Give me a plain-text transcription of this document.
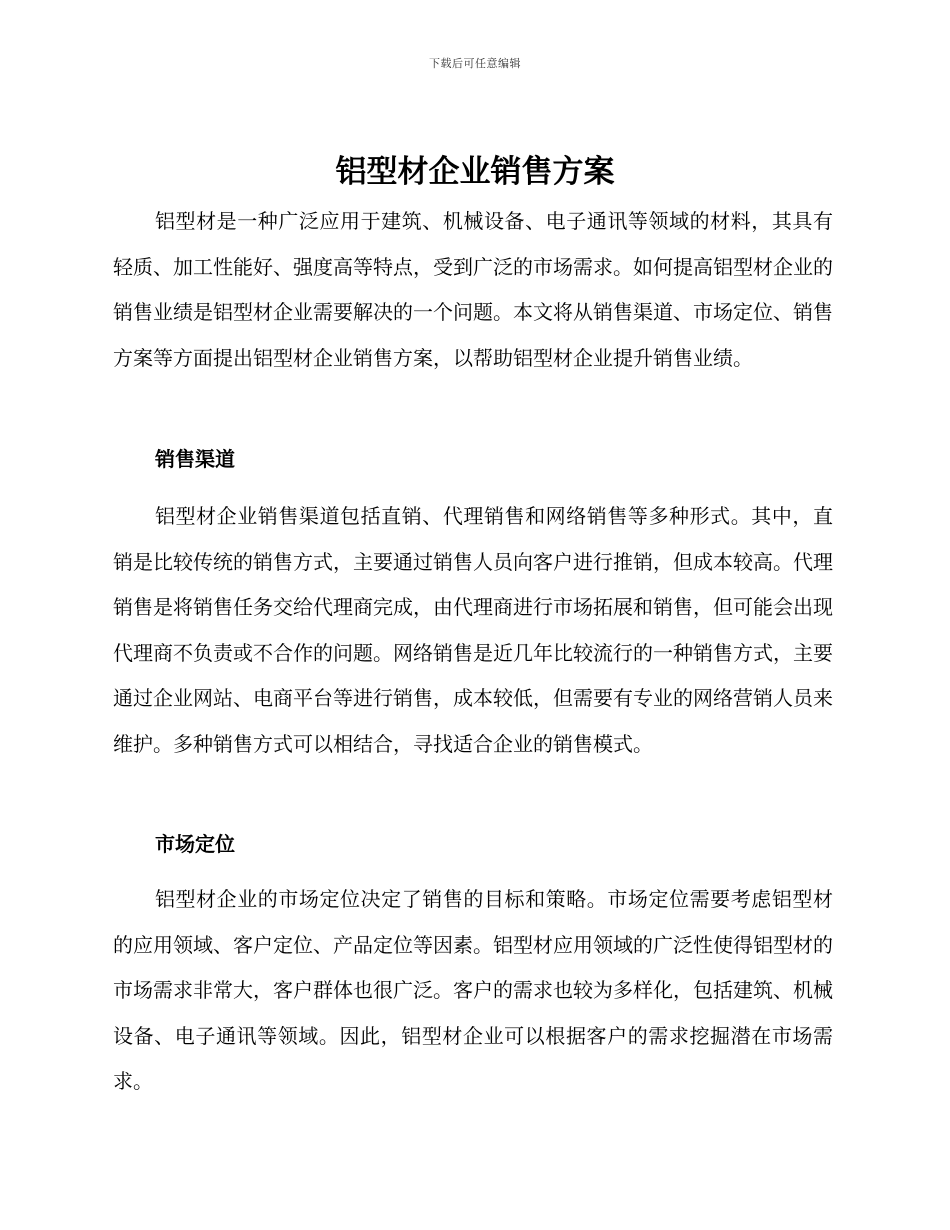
下载后可任意编辑
铝型材企业销售方案

铝型材是一种广泛应用于建筑、机械设备、电子通讯等领域的材料，其具有轻质、加工性能好、强度高等特点，受到广泛的市场需求。如何提高铝型材企业的销售业绩是铝型材企业需要解决的一个问题。本文将从销售渠道、市场定位、销售方案等方面提出铝型材企业销售方案，以帮助铝型材企业提升销售业绩。

销售渠道

铝型材企业销售渠道包括直销、代理销售和网络销售等多种形式。其中，直销是比较传统的销售方式，主要通过销售人员向客户进行推销，但成本较高。代理销售是将销售任务交给代理商完成，由代理商进行市场拓展和销售，但可能会出现代理商不负责或不合作的问题。网络销售是近几年比较流行的一种销售方式，主要通过企业网站、电商平台等进行销售，成本较低，但需要有专业的网络营销人员来维护。多种销售方式可以相结合，寻找适合企业的销售模式。

市场定位

铝型材企业的市场定位决定了销售的目标和策略。市场定位需要考虑铝型材的应用领域、客户定位、产品定位等因素。铝型材应用领域的广泛性使得铝型材的市场需求非常大，客户群体也很广泛。客户的需求也较为多样化，包括建筑、机械设备、电子通讯等领域。因此，铝型材企业可以根据客户的需求挖掘潜在市场需求。
